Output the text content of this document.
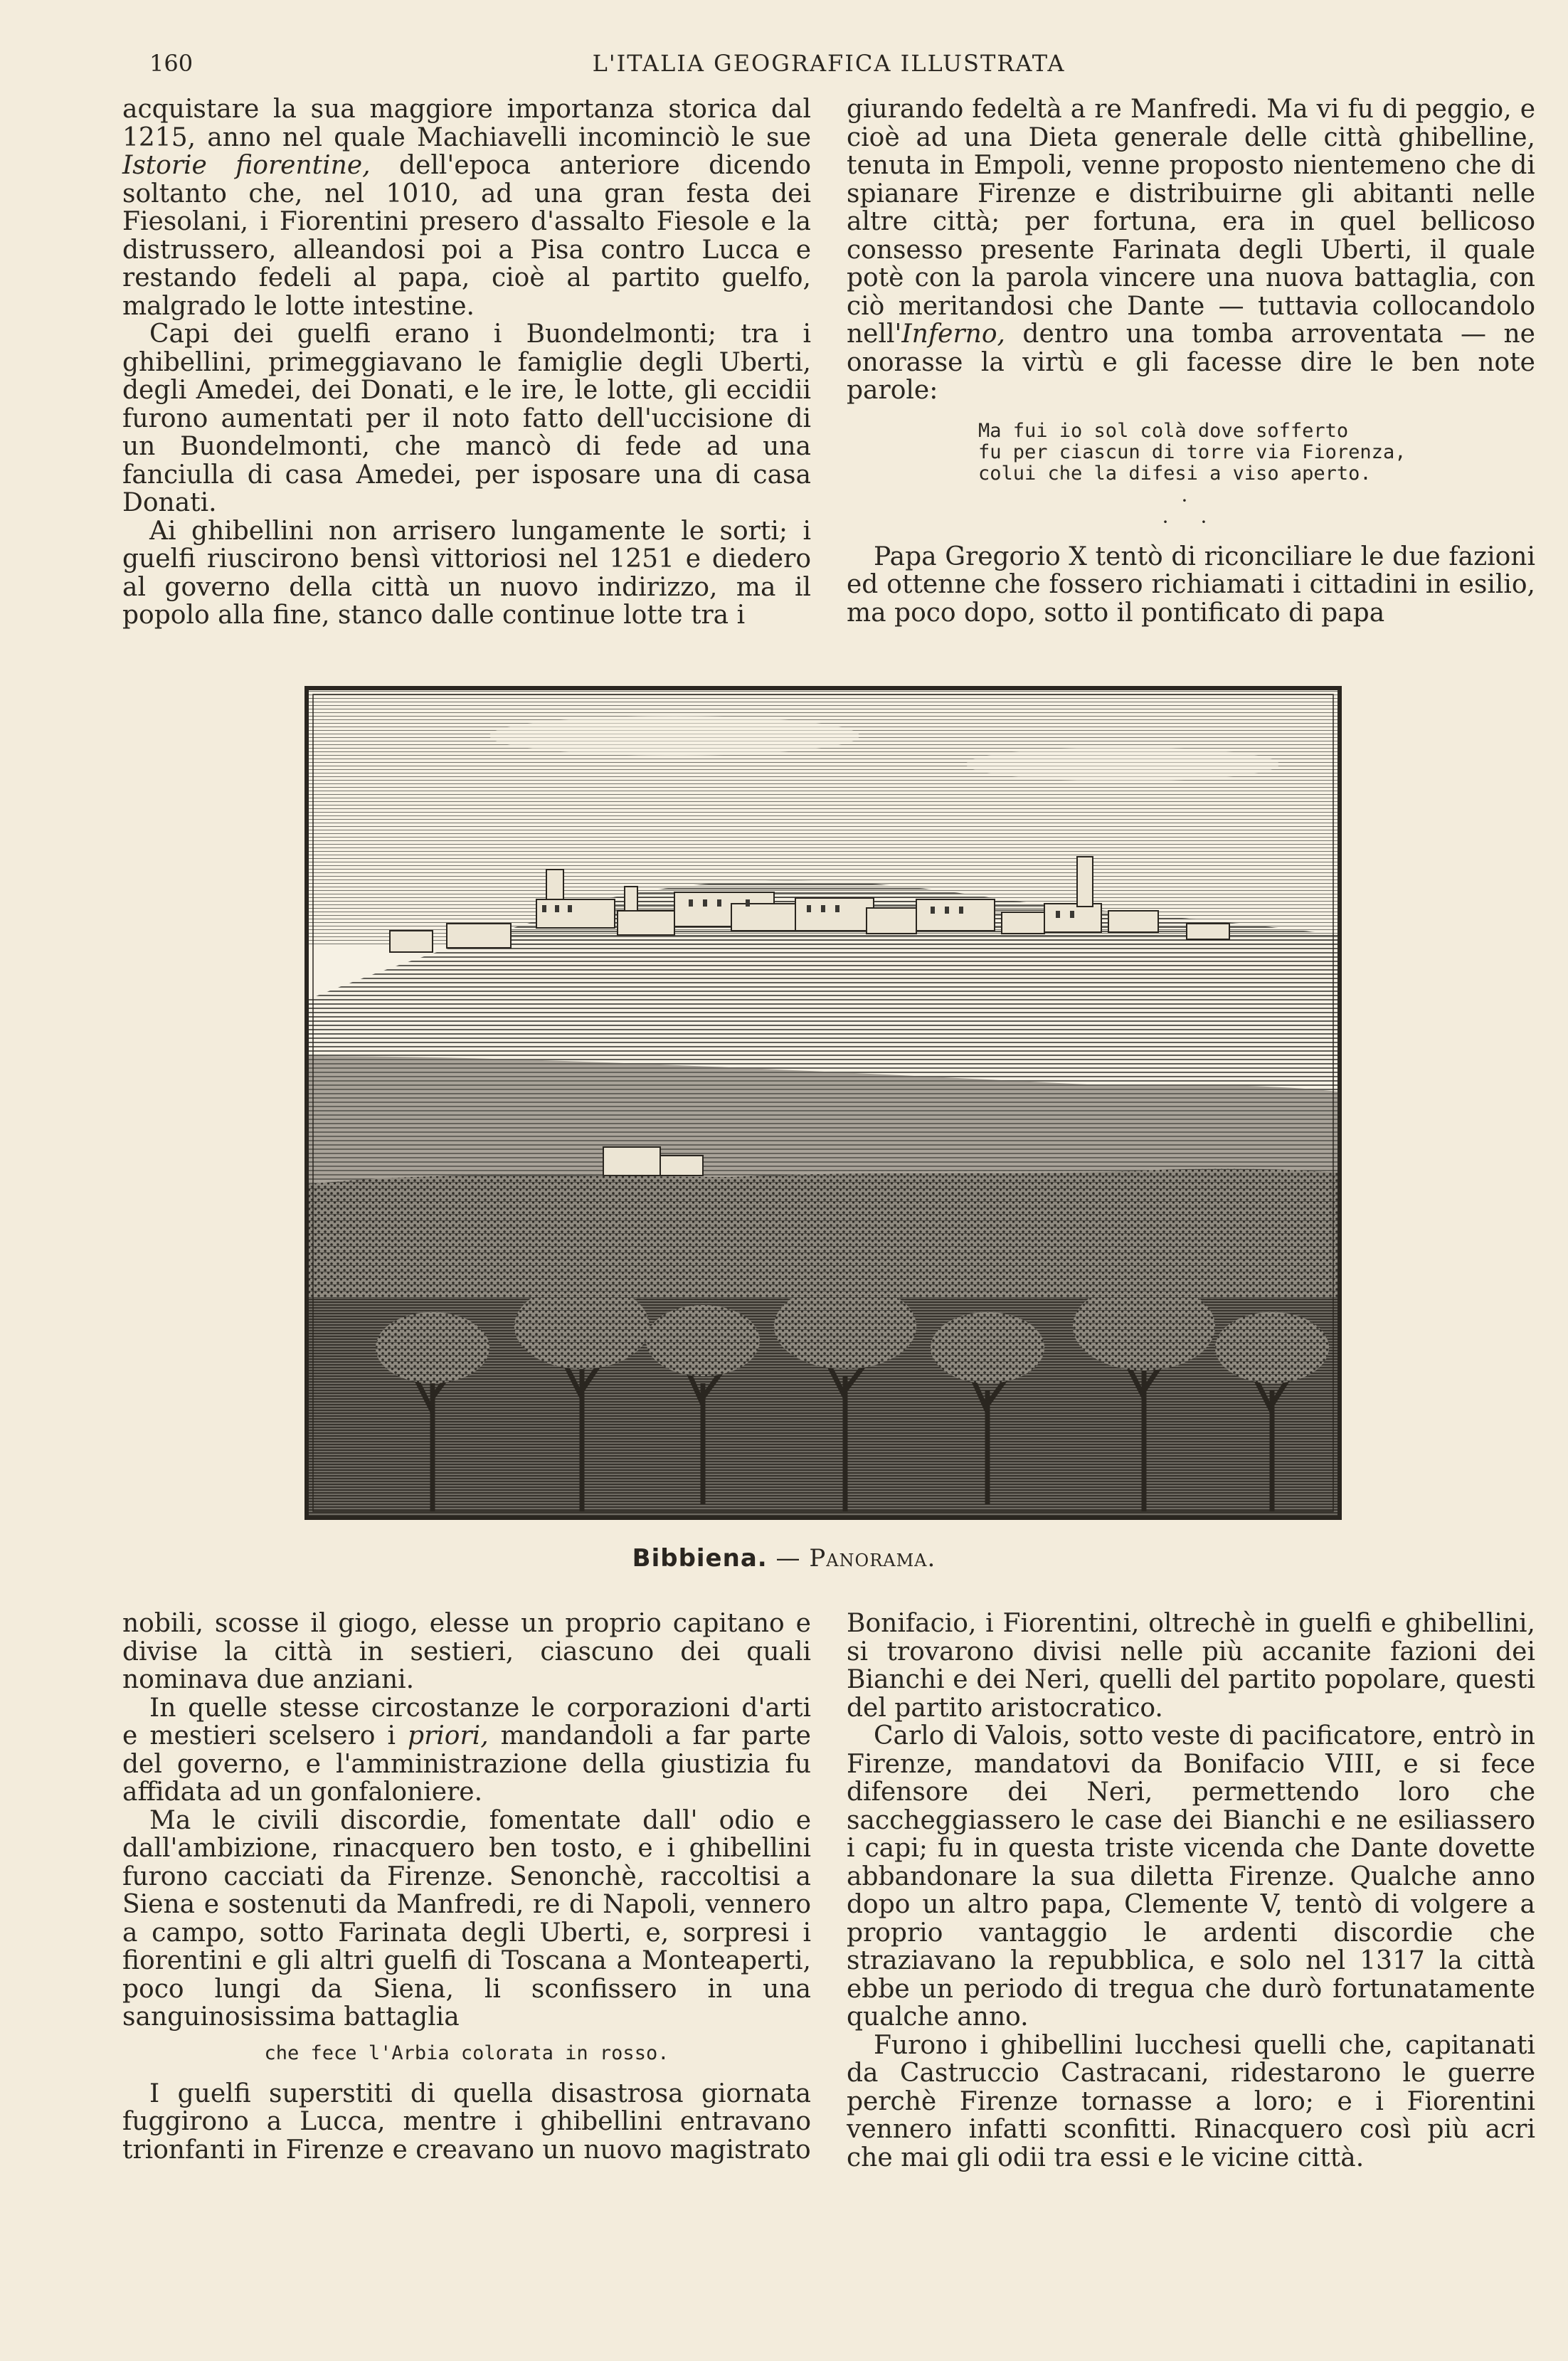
160	L'ITALIA GEOGRAFICA ILLUSTRATA

acquistare la sua maggiore importanza storica dal 1215, anno nel quale Machiavelli incominciò le sue Istorie fiorentine, dell'epoca anteriore dicendo soltanto che, nel 1010, ad una gran festa dei Fiesolani, i Fiorentini presero d'assalto Fiesole e la distrussero, alleandosi poi a Pisa contro Lucca e restando fedeli al papa, cioè al partito guelfo, malgrado le lotte intestine.

Capi dei guelfi erano i Buondelmonti; tra i ghibellini, primeggiavano le famiglie degli Uberti, degli Amedei, dei Donati, e le ire, le lotte, gli eccidii furono aumentati per il noto fatto dell'uccisione di un Buondelmonti, che mancò di fede ad una fanciulla di casa Amedei, per isposare una di casa Donati.

Ai ghibellini non arrisero lungamente le sorti; i guelfi riuscirono bensì vittoriosi nel 1251 e diedero al governo della città un nuovo indirizzo, ma il popolo alla fine, stanco dalle continue lotte tra i

giurando fedeltà a re Manfredi. Ma vi fu di peggio, e cioè ad una Dieta generale delle città ghibelline, tenuta in Empoli, venne proposto nientemeno che di spianare Firenze e distribuirne gli abitanti nelle altre città; per fortuna, era in quel bellicoso consesso presente Farinata degli Uberti, il quale potè con la parola vincere una nuova battaglia, con ciò meritandosi che Dante — tuttavia collocandolo nell'Inferno, dentro una tomba arroventata — ne onorasse la virtù e gli facesse dire le ben note parole:

Ma fui io sol colà dove sofferto
fu per ciascun di torre via Fiorenza,
colui che la difesi a viso aperto.
·
· ·

Papa Gregorio X tentò di riconciliare le due fazioni ed ottenne che fossero richiamati i cittadini in esilio, ma poco dopo, sotto il pontificato di papa

Bibbiena. — Panorama.

nobili, scosse il giogo, elesse un proprio capitano e divise la città in sestieri, ciascuno dei quali nominava due anziani.

In quelle stesse circostanze le corporazioni d'arti e mestieri scelsero i priori, mandandoli a far parte del governo, e l'amministrazione della giustizia fu affidata ad un gonfaloniere.

Ma le civili discordie, fomentate dall' odio e dall'ambizione, rinacquero ben tosto, e i ghibellini furono cacciati da Firenze. Senonchè, raccoltisi a Siena e sostenuti da Manfredi, re di Napoli, vennero a campo, sotto Farinata degli Uberti, e, sorpresi i fiorentini e gli altri guelfi di Toscana a Monteaperti, poco lungi da Siena, li sconfissero in una sanguinosissima battaglia

che fece l'Arbia colorata in rosso.

I guelfi superstiti di quella disastrosa giornata fuggirono a Lucca, mentre i ghibellini entravano trionfanti in Firenze e creavano un nuovo magistrato

Bonifacio, i Fiorentini, oltrechè in guelfi e ghibellini, si trovarono divisi nelle più accanite fazioni dei Bianchi e dei Neri, quelli del partito popolare, questi del partito aristocratico.

Carlo di Valois, sotto veste di pacificatore, entrò in Firenze, mandatovi da Bonifacio VIII, e si fece difensore dei Neri, permettendo loro che saccheggiassero le case dei Bianchi e ne esiliassero i capi; fu in questa triste vicenda che Dante dovette abbandonare la sua diletta Firenze. Qualche anno dopo un altro papa, Clemente V, tentò di volgere a proprio vantaggio le ardenti discordie che straziavano la repubblica, e solo nel 1317 la città ebbe un periodo di tregua che durò fortunatamente qualche anno.

Furono i ghibellini lucchesi quelli che, capitanati da Castruccio Castracani, ridestarono le guerre perchè Firenze tornasse a loro; e i Fiorentini vennero infatti sconfitti. Rinacquero così più acri che mai gli odii tra essi e le vicine città.
